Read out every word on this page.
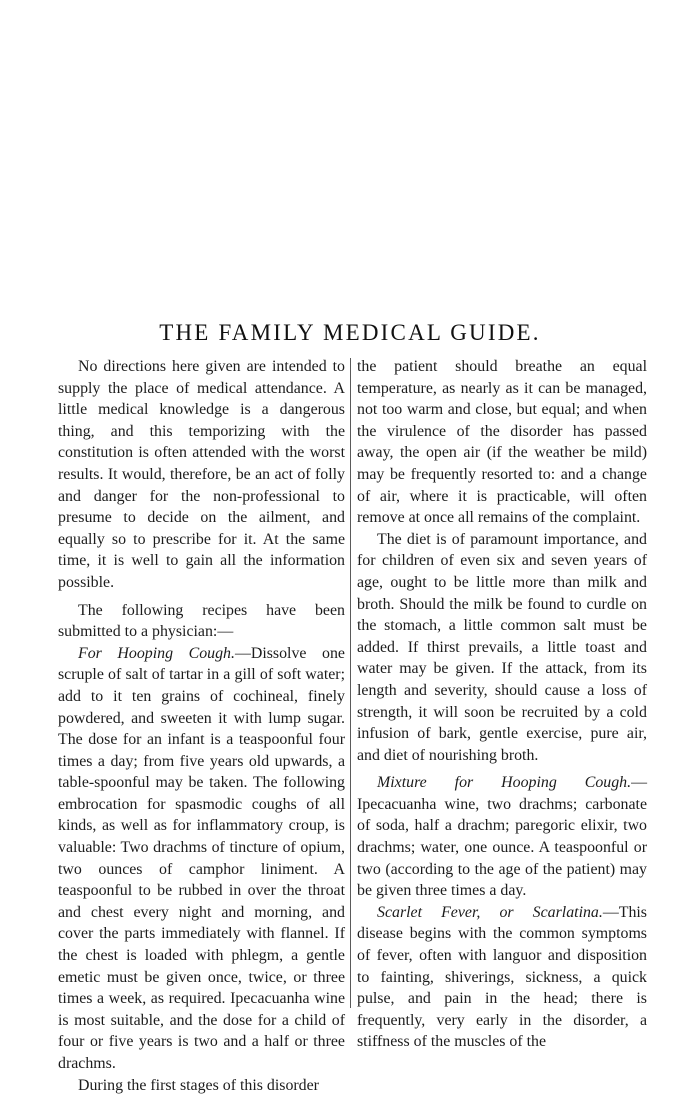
THE FAMILY MEDICAL GUIDE.

No directions here given are intended to supply the place of medical attendance. A little medical knowledge is a dangerous thing, and this temporizing with the constitution is often attended with the worst results. It would, therefore, be an act of folly and danger for the non-professional to presume to decide on the ailment, and equally so to prescribe for it. At the same time, it is well to gain all the information possible.

The following recipes have been submitted to a physician:—

For Hooping Cough.—Dissolve one scruple of salt of tartar in a gill of soft water; add to it ten grains of cochineal, finely powdered, and sweeten it with lump sugar. The dose for an infant is a teaspoonful four times a day; from five years old upwards, a table-spoonful may be taken. The following embrocation for spasmodic coughs of all kinds, as well as for inflammatory croup, is valuable: Two drachms of tincture of opium, two ounces of camphor liniment. A teaspoonful to be rubbed in over the throat and chest every night and morning, and cover the parts immediately with flannel. If the chest is loaded with phlegm, a gentle emetic must be given once, twice, or three times a week, as required. Ipecacuanha wine is most suitable, and the dose for a child of four or five years is two and a half or three drachms.

During the first stages of this disorder

the patient should breathe an equal temperature, as nearly as it can be managed, not too warm and close, but equal; and when the virulence of the disorder has passed away, the open air (if the weather be mild) may be frequently resorted to: and a change of air, where it is practicable, will often remove at once all remains of the complaint.

The diet is of paramount importance, and for children of even six and seven years of age, ought to be little more than milk and broth. Should the milk be found to curdle on the stomach, a little common salt must be added. If thirst prevails, a little toast and water may be given. If the attack, from its length and severity, should cause a loss of strength, it will soon be recruited by a cold infusion of bark, gentle exercise, pure air, and diet of nourishing broth.

Mixture for Hooping Cough.—Ipecacuanha wine, two drachms; carbonate of soda, half a drachm; paregoric elixir, two drachms; water, one ounce. A teaspoonful or two (according to the age of the patient) may be given three times a day.

Scarlet Fever, or Scarlatina.—This disease begins with the common symptoms of fever, often with languor and disposition to fainting, shiverings, sickness, a quick pulse, and pain in the head; there is frequently, very early in the disorder, a stiffness of the muscles of the
